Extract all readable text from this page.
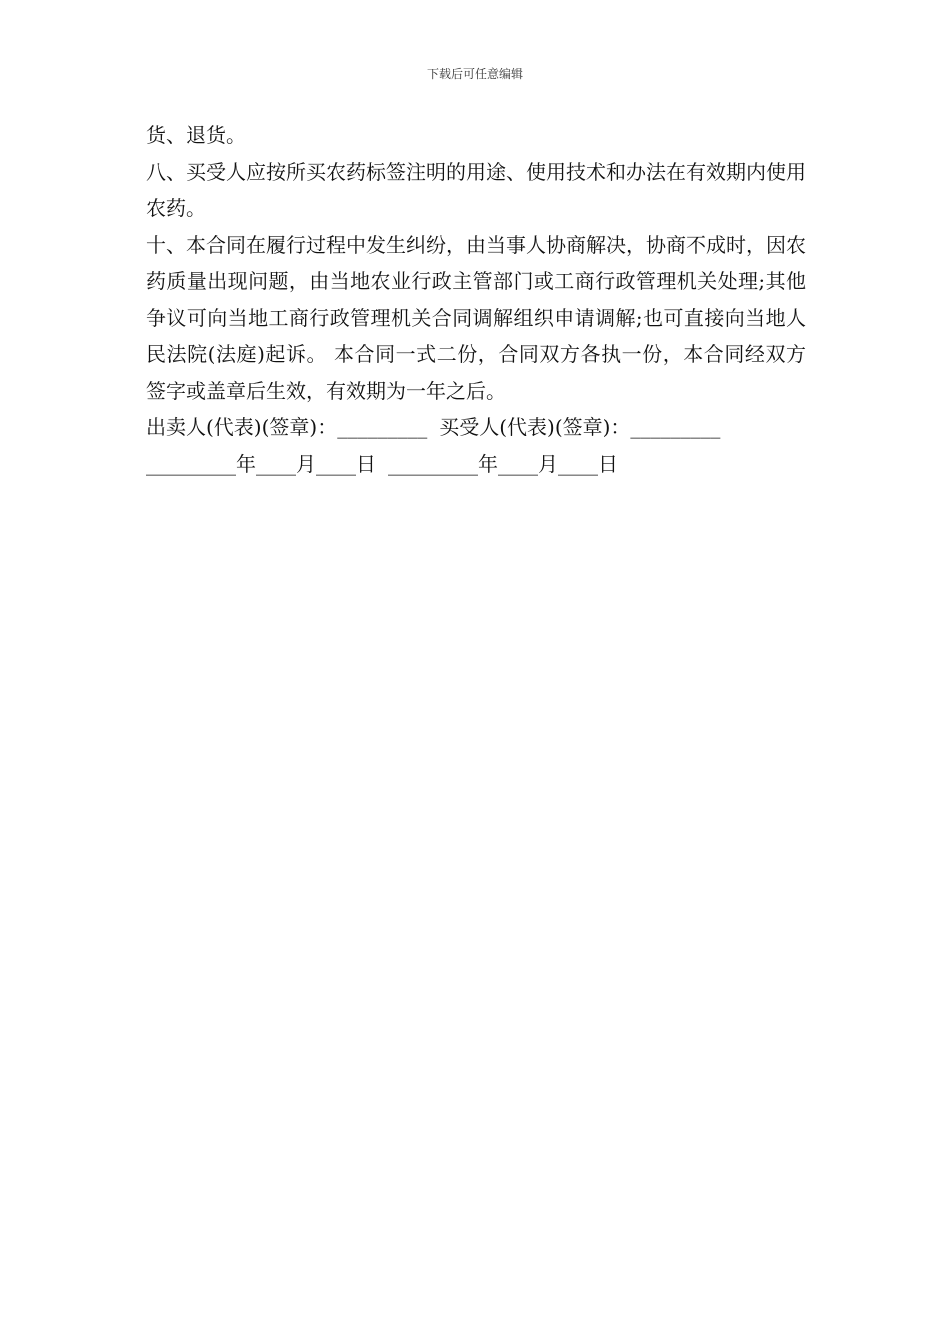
下载后可任意编辑

货、退货。

八、买受人应按所买农药标签注明的用途、使用技术和办法在有效期内使用农药。

十、本合同在履行过程中发生纠纷，由当事人协商解决，协商不成时，因农药质量出现问题，由当地农业行政主管部门或工商行政管理机关处理;其他争议可向当地工商行政管理机关合同调解组织申请调解;也可直接向当地人民法院(法庭)起诉。 本合同一式二份，合同双方各执一份，本合同经双方签字或盖章后生效，有效期为一年之后。

出卖人(代表)(签章)：_________ 买受人(代表)(签章)：_________

_________年____月____日 _________年____月____日
